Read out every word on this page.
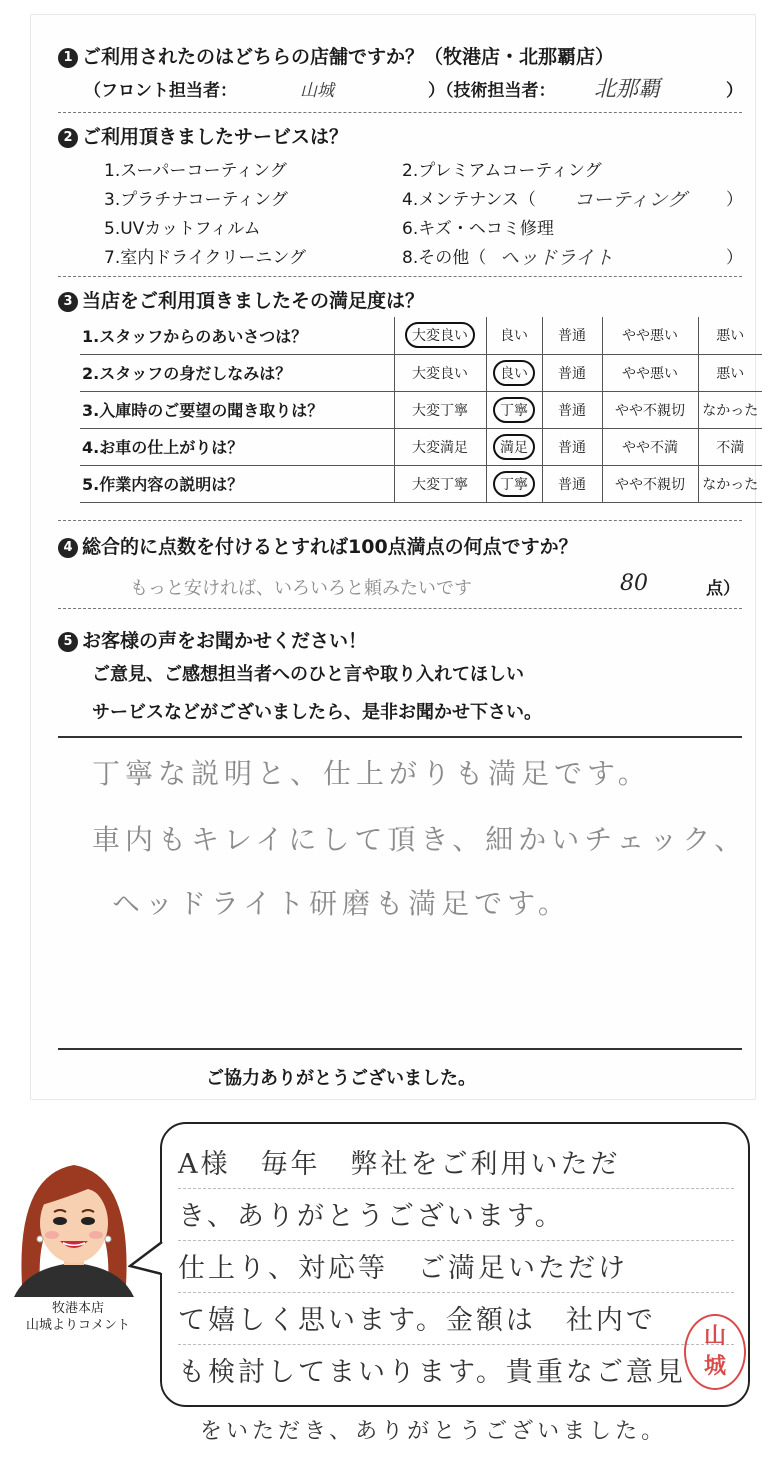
1 ご利用されたのはどちらの店舗ですか？（牧港店・北那覇店）
（フロント担当者：	山城	）（技術担当者： 北那覇	）
2 ご利用頂きましたサービスは？
1.スーパーコーティング	2.プレミアムコーティング
3.プラチナコーティング	4.メンテナンス（ コーティング ）
5.UVカットフィルム	6.キズ・ヘコミ修理
7.室内ドライクリーニング	8.その他（ ヘッドライト	）
3 当店をご利用頂きましたその満足度は？
1.スタッフからのあいさつは？	大変良い	良い	普通	やや悪い	悪い
2.スタッフの身だしなみは？	大変良い	良い	普通	やや悪い	悪い
3.入庫時のご要望の聞き取りは？	大変丁寧	丁寧	普通	やや不親切	なかった
4.お車の仕上がりは？	大変満足	満足	普通	やや不満	不満
5.作業内容の説明は？	大変丁寧	丁寧	普通	やや不親切	なかった
4 総合的に点数を付けるとすれば100点満点の何点ですか？
もっと安ければ、いろいろと頼みたいです	80	点）
5 お客様の声をお聞かせください！
ご意見、ご感想担当者へのひと言や取り入れてほしい
サービスなどがございましたら、是非お聞かせ下さい。
丁寧な説明と、仕上がりも満足です。
車内もキレイにして頂き、細かいチェック、
ヘッドライト研磨も満足です。
ご協力ありがとうございました。
牧港本店
山城よりコメント
A様　毎年　弊社をご利用いただ
き、ありがとうございます。
仕上り、対応等　ご満足いただけ
て嬉しく思います。金額は　社内で
も検討してまいります。貴重なご意見
山
城
をいただき、ありがとうございました。
